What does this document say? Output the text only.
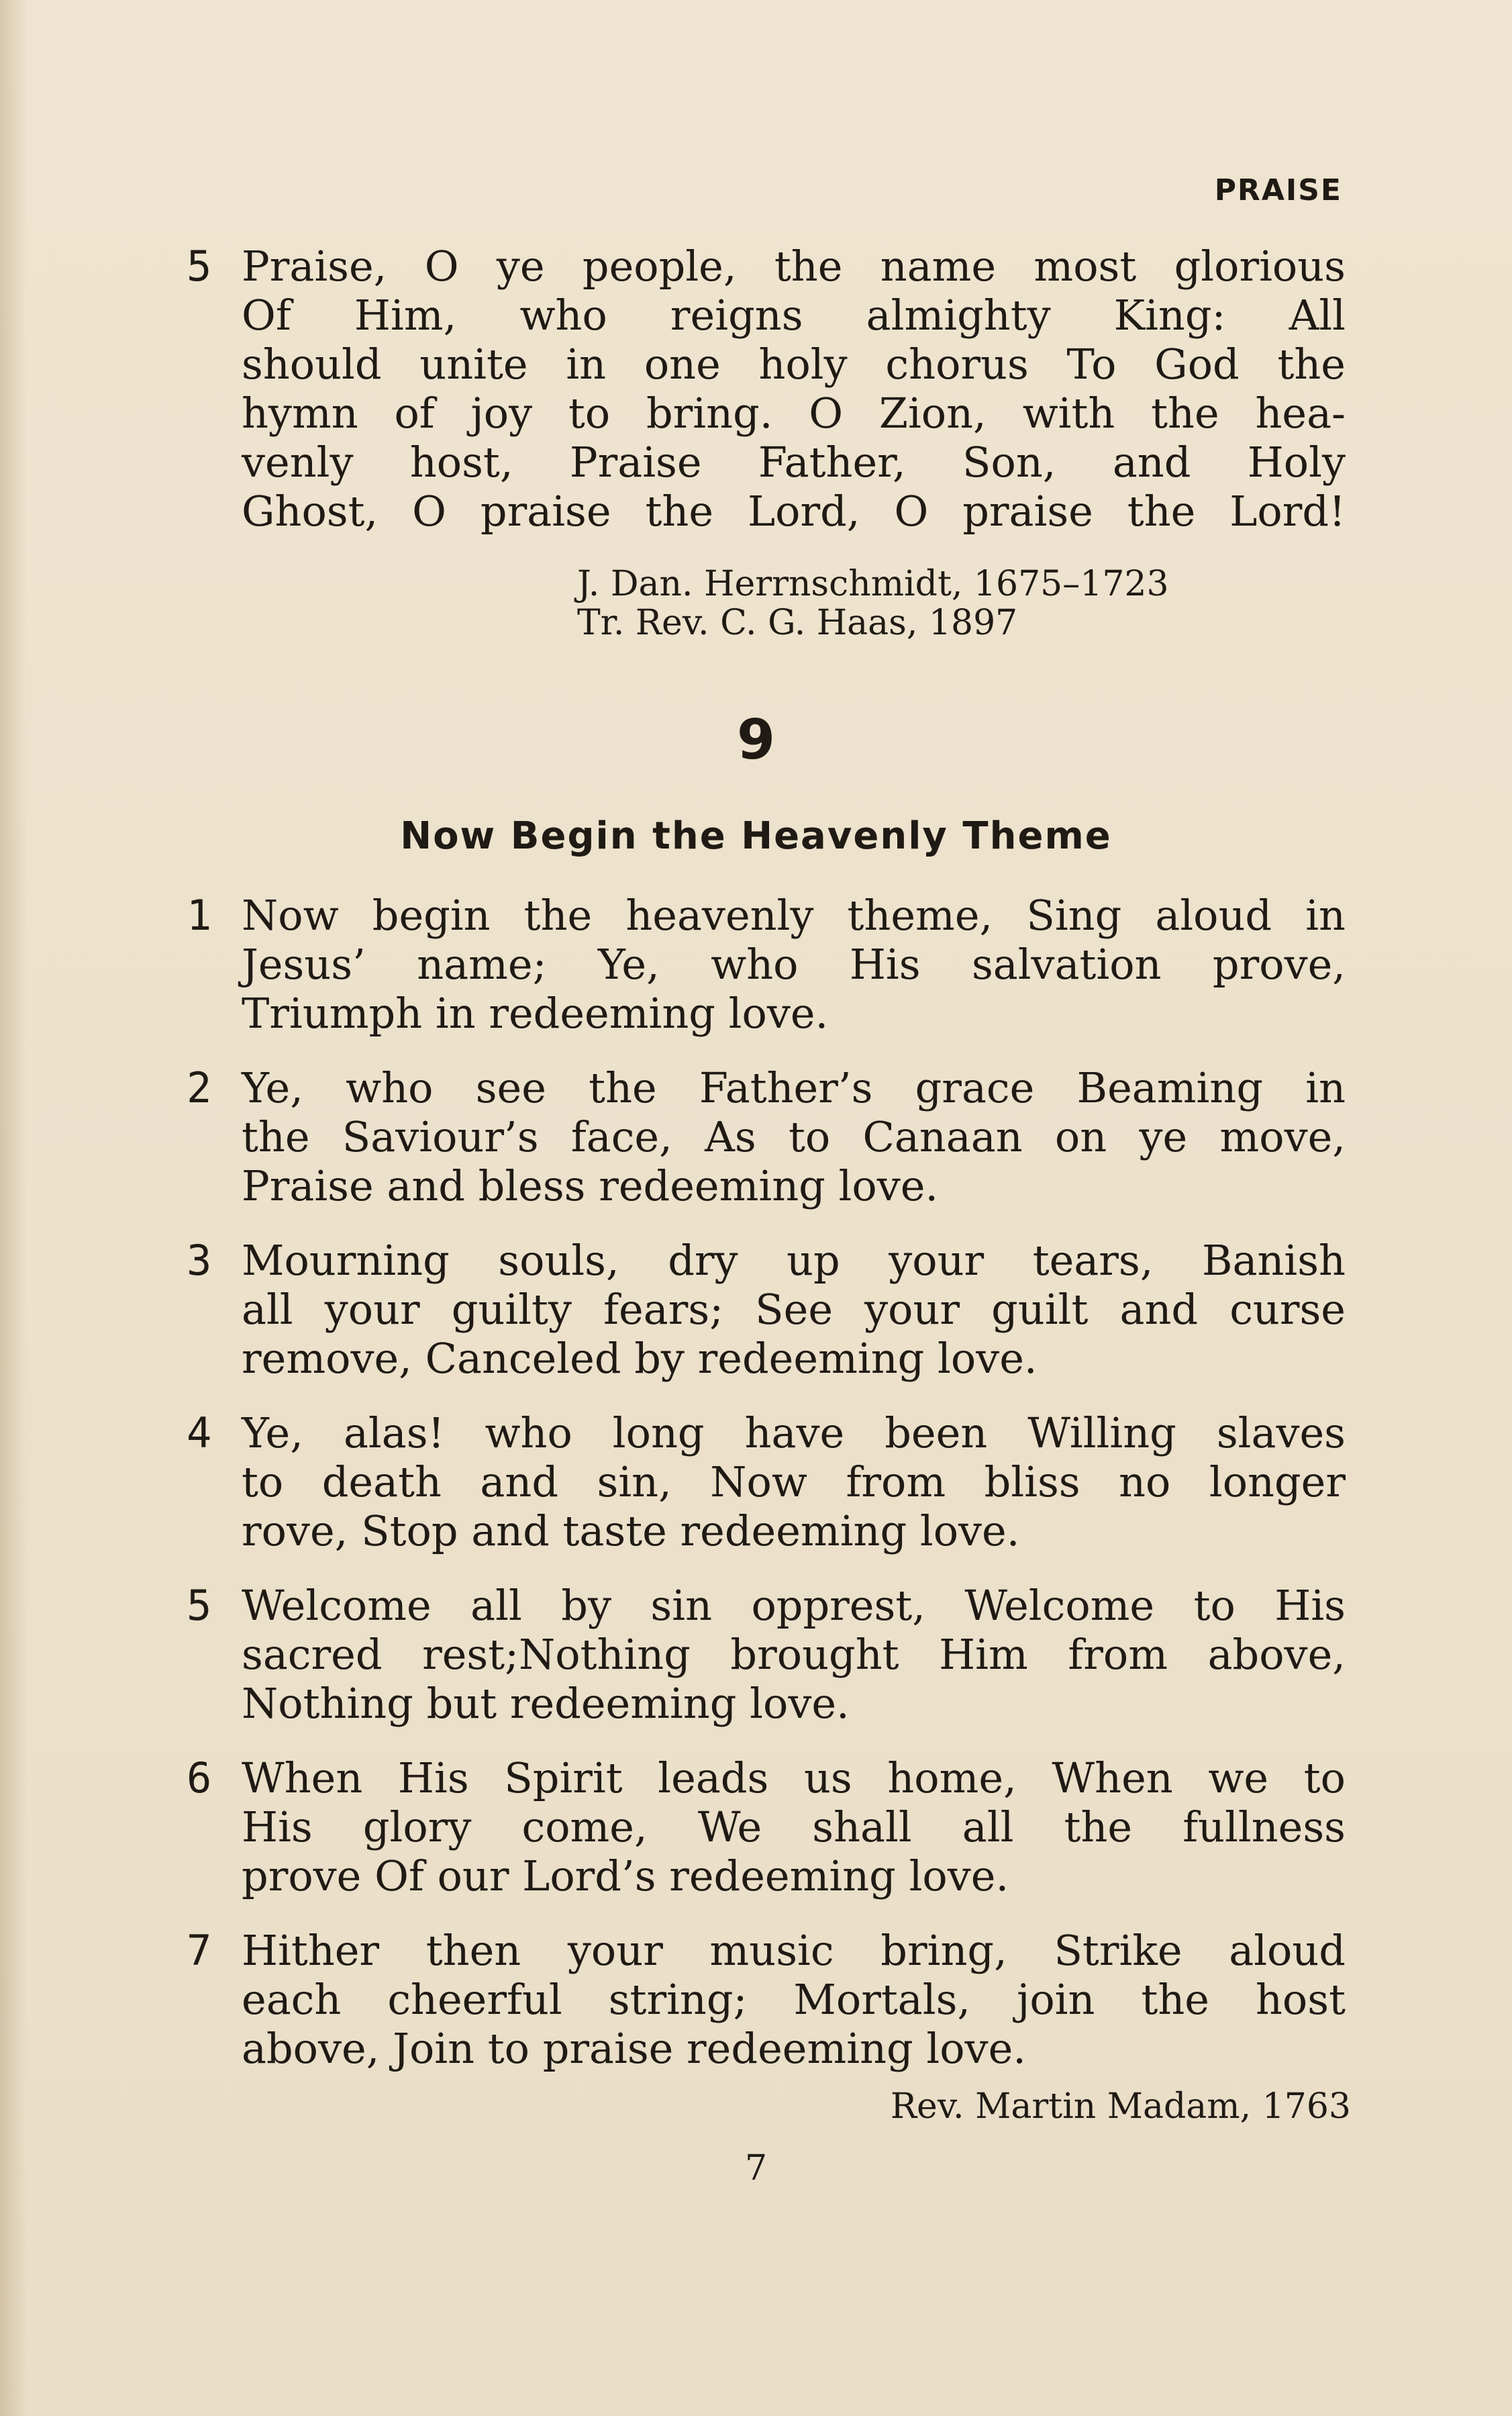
PRAISE
5 Praise, O ye people, the name most glorious
Of Him, who reigns almighty King: All
should unite in one holy chorus To God the
hymn of joy to bring. O Zion, with the hea-
venly host, Praise Father, Son, and Holy
Ghost, O praise the Lord, O praise the Lord!
J. Dan. Herrnschmidt, 1675–1723
Tr. Rev. C. G. Haas, 1897
9
Now Begin the Heavenly Theme
1 Now begin the heavenly theme, Sing aloud in
Jesus’ name; Ye, who His salvation prove,
Triumph in redeeming love.
2 Ye, who see the Father’s grace Beaming in
the Saviour’s face, As to Canaan on ye move,
Praise and bless redeeming love.
3 Mourning souls, dry up your tears, Banish
all your guilty fears; See your guilt and curse
remove, Canceled by redeeming love.
4 Ye, alas! who long have been Willing slaves
to death and sin, Now from bliss no longer
rove, Stop and taste redeeming love.
5 Welcome all by sin opprest, Welcome to His
sacred rest;Nothing brought Him from above,
Nothing but redeeming love.
6 When His Spirit leads us home, When we to
His glory come, We shall all the fullness
prove Of our Lord’s redeeming love.
7 Hither then your music bring, Strike aloud
each cheerful string; Mortals, join the host
above, Join to praise redeeming love.
Rev. Martin Madam, 1763
7
